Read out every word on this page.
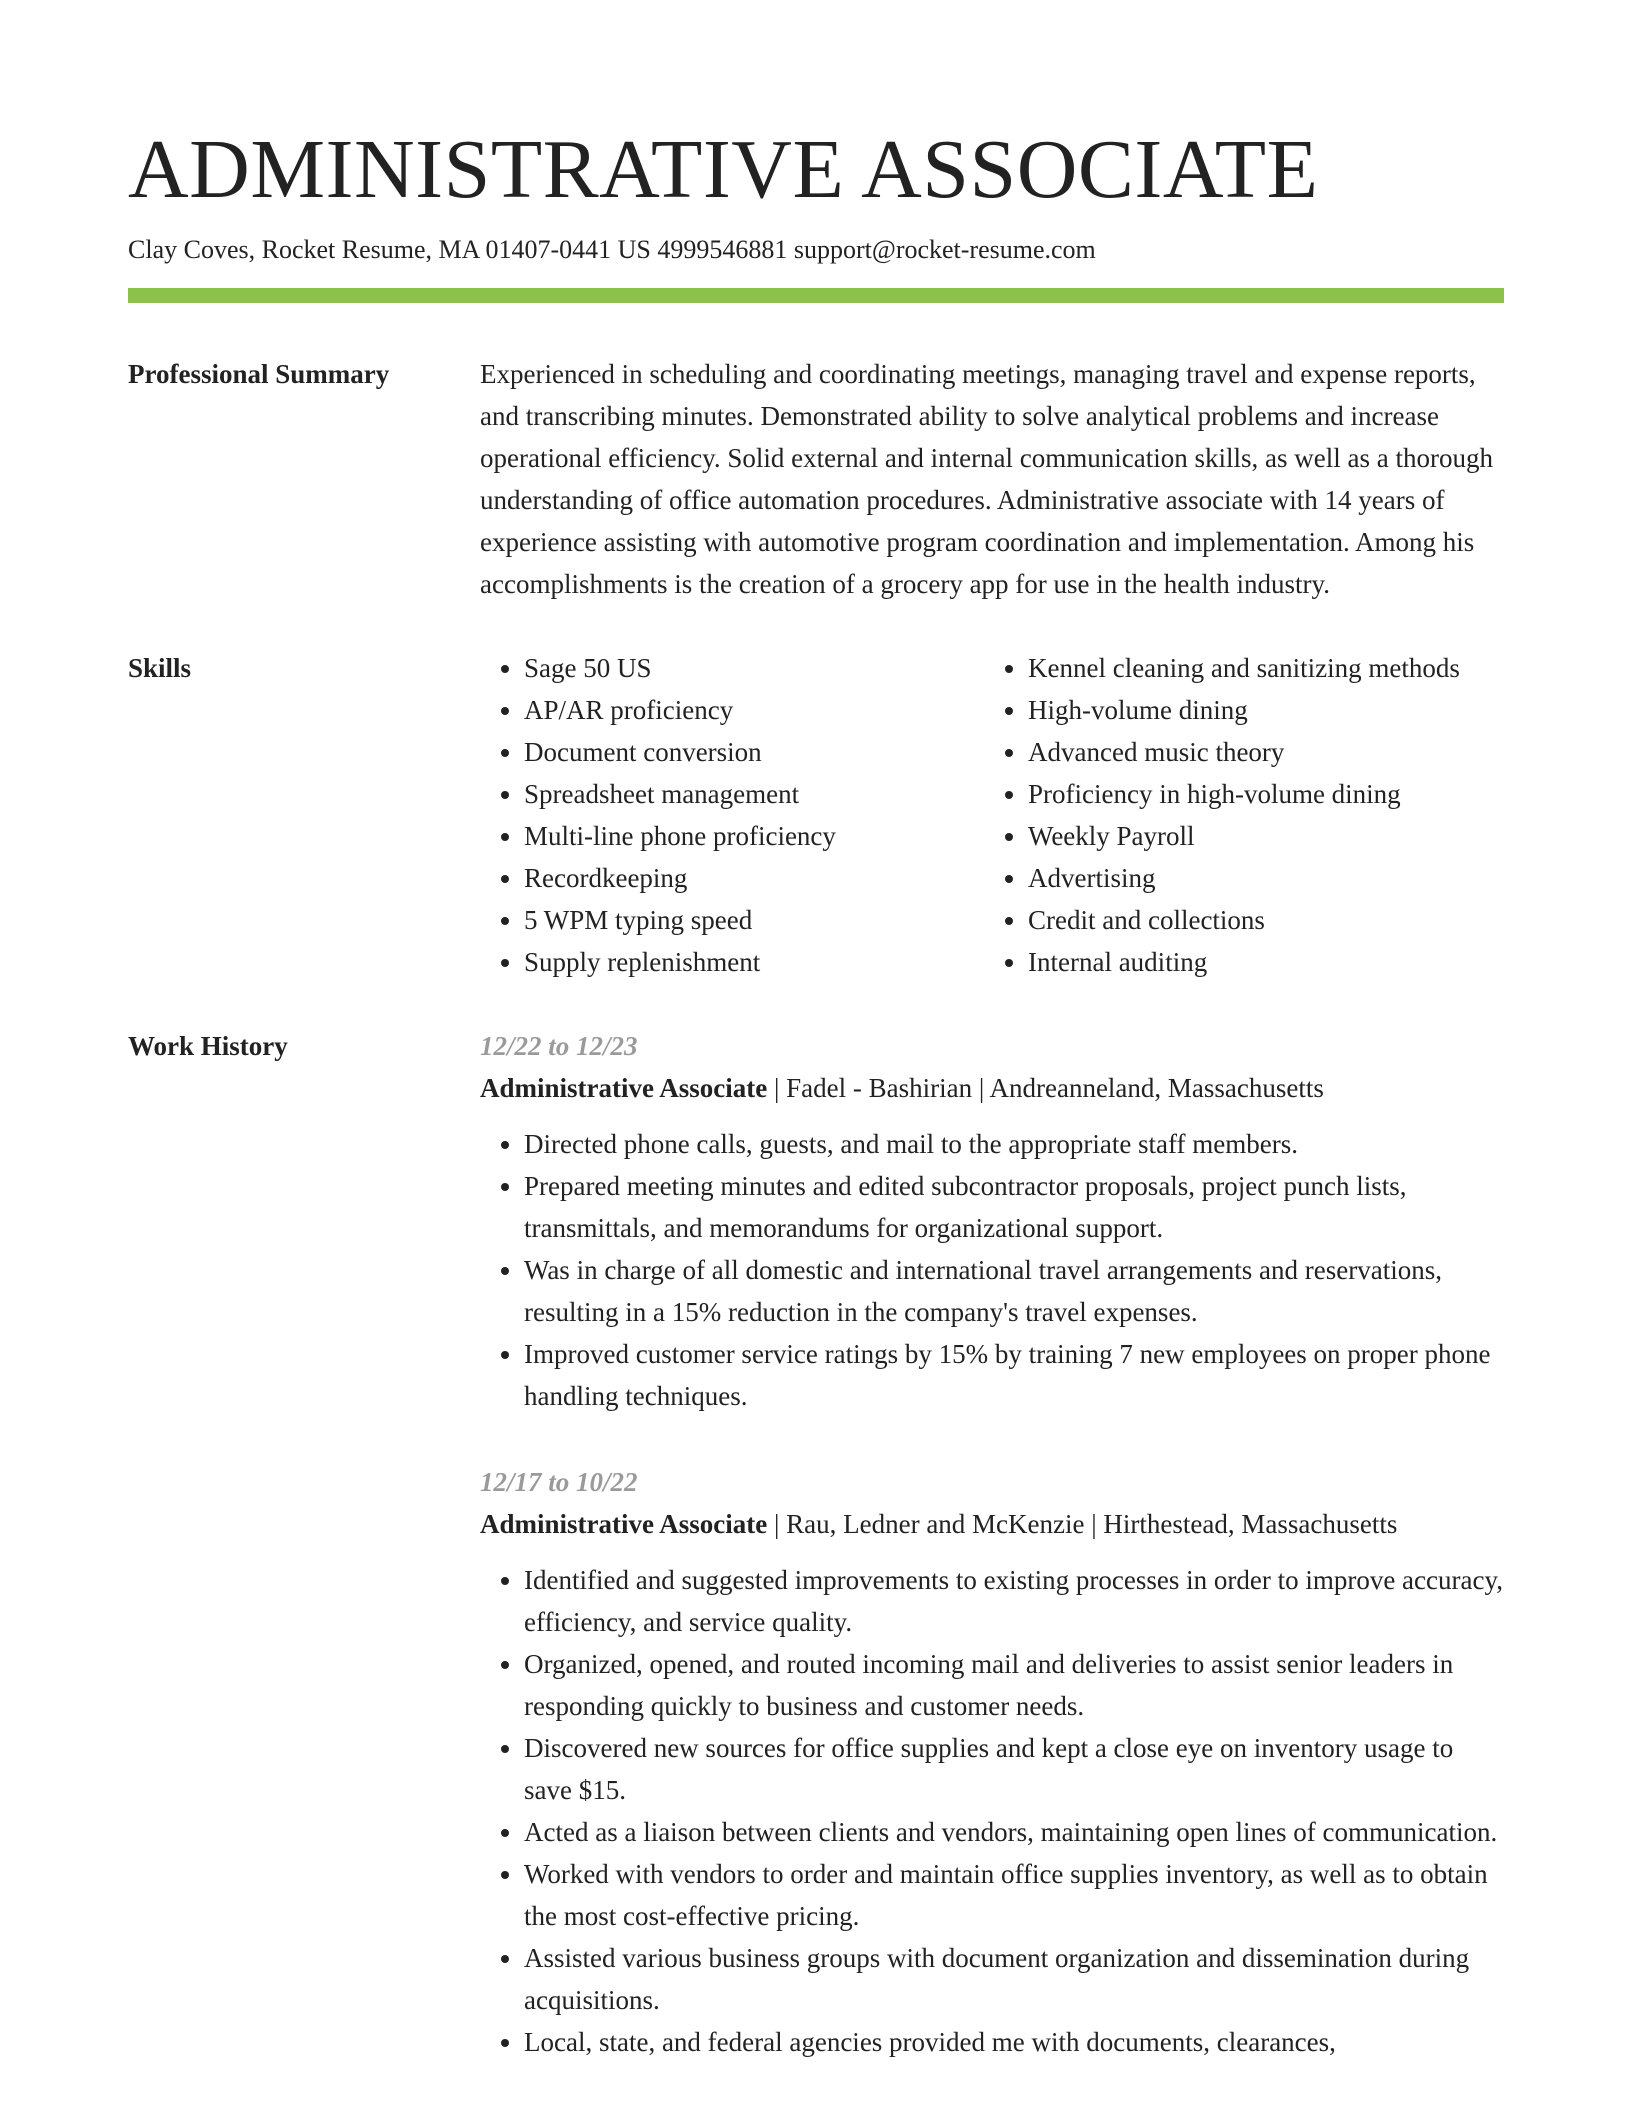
ADMINISTRATIVE ASSOCIATE
Clay Coves, Rocket Resume, MA 01407-0441 US 4999546881 support@rocket-resume.com
Professional Summary	Experienced in scheduling and coordinating meetings, managing travel and expense reports, and transcribing minutes. Demonstrated ability to solve analytical problems and increase operational efficiency. Solid external and internal communication skills, as well as a thorough understanding of office automation procedures. Administrative associate with 14 years of experience assisting with automotive program coordination and implementation. Among his accomplishments is the creation of a grocery app for use in the health industry.

Skills
•	Sage 50 US
• AP/AR proficiency
• Document conversion
• Spreadsheet management
• Multi-line phone proficiency
• Recordkeeping
• 5 WPM typing speed
• Supply replenishment
• Kennel cleaning and sanitizing methods
• High-volume dining
• Advanced music theory
• Proficiency in high-volume dining
• Weekly Payroll
• Advertising
• Credit and collections
• Internal auditing
Work History	12/22 to 12/23
Administrative Associate | Fadel - Bashirian | Andreanneland, Massachusetts
• Directed phone calls, guests, and mail to the appropriate staff members.
• Prepared meeting minutes and edited subcontractor proposals, project punch lists, transmittals, and memorandums for organizational support.
• Was in charge of all domestic and international travel arrangements and reservations, resulting in a 15% reduction in the company's travel expenses.
• Improved customer service ratings by 15% by training 7 new employees on proper phone handling techniques.
12/17 to 10/22
Administrative Associate | Rau, Ledner and McKenzie | Hirthestead, Massachusetts
• Identified and suggested improvements to existing processes in order to improve accuracy, efficiency, and service quality.
• Organized, opened, and routed incoming mail and deliveries to assist senior leaders in responding quickly to business and customer needs.
• Discovered new sources for office supplies and kept a close eye on inventory usage to save $15.
• Acted as a liaison between clients and vendors, maintaining open lines of communication.
• Worked with vendors to order and maintain office supplies inventory, as well as to obtain the most cost-effective pricing.
• Assisted various business groups with document organization and dissemination during acquisitions.
• Local, state, and federal agencies provided me with documents, clearances,
